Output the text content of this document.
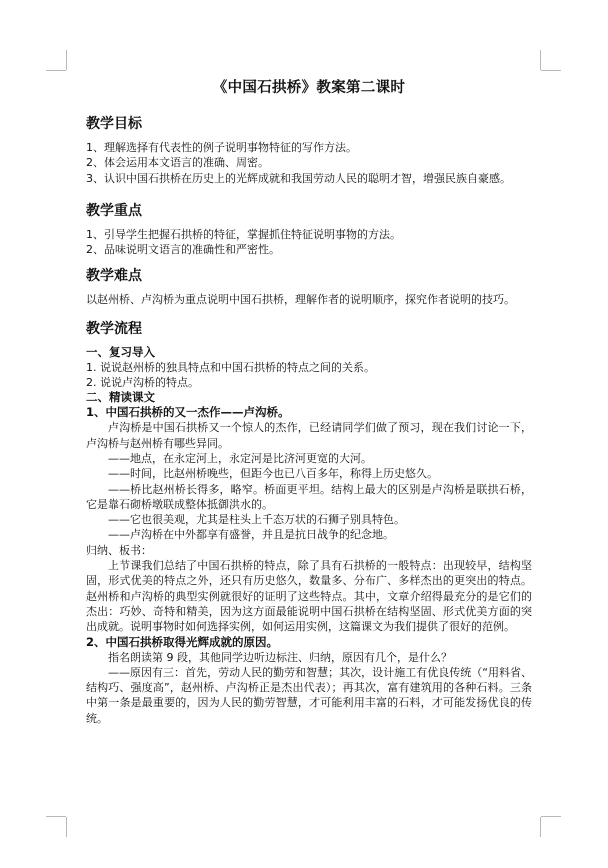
《中国石拱桥》教案第二课时
教学目标

1、理解选择有代表性的例子说明事物特征的写作方法。

2、体会运用本文语言的准确、周密。

3、认识中国石拱桥在历史上的光辉成就和我国劳动人民的聪明才智，增强民族自豪感。

教学重点

1、引导学生把握石拱桥的特征，掌握抓住特征说明事物的方法。

2、品味说明文语言的准确性和严密性。

教学难点

以赵州桥、卢沟桥为重点说明中国石拱桥，理解作者的说明顺序，探究作者说明的技巧。

教学流程
一、复习导入

1. 说说赵州桥的独具特点和中国石拱桥的特点之间的关系。

2. 说说卢沟桥的特点。

二、精读课文
1、中国石拱桥的又一杰作——卢沟桥。

卢沟桥是中国石拱桥又一个惊人的杰作，已经请同学们做了预习，现在我们讨论一下，卢沟桥与赵州桥有哪些异同。

——地点，在永定河上，永定河是比济河更宽的大河。

——时间，比赵州桥晚些，但距今也已八百多年，称得上历史悠久。

——桥比赵州桥长得多，略窄。桥面更平坦。结构上最大的区别是卢沟桥是联拱石桥，它是靠石砌桥墩联成整体抵御洪水的。

——它也很美观，尤其是柱头上千态万状的石狮子别具特色。

——卢沟桥在中外都享有盛誉，并且是抗日战争的纪念地。

归纳、板书：

上节课我们总结了中国石拱桥的特点，除了具有石拱桥的一般特点：出现较早，结构坚固，形式优美的特点之外，还只有历史悠久，数量多、分布广、多样杰出的更突出的特点。赵州桥和卢沟桥的典型实例就很好的证明了这些特点。其中，文章介绍得最充分的是它们的杰出：巧妙、奇特和精美，因为这方面最能说明中国石拱桥在结构坚固、形式优美方面的突出成就。说明事物时如何选择实例，如何运用实例，这篇课文为我们提供了很好的范例。

2、中国石拱桥取得光辉成就的原因。

指名朗读第 9 段，其他同学边听边标注、归纳，原因有几个，是什么？

——原因有三：首先，劳动人民的勤劳和智慧；其次，设计施工有优良传统（“用料省、结构巧、强度高”，赵州桥、卢沟桥正是杰出代表）；再其次，富有建筑用的各种石料。三条中第一条是最重要的，因为人民的勤劳智慧，才可能利用丰富的石料，才可能发扬优良的传统。
